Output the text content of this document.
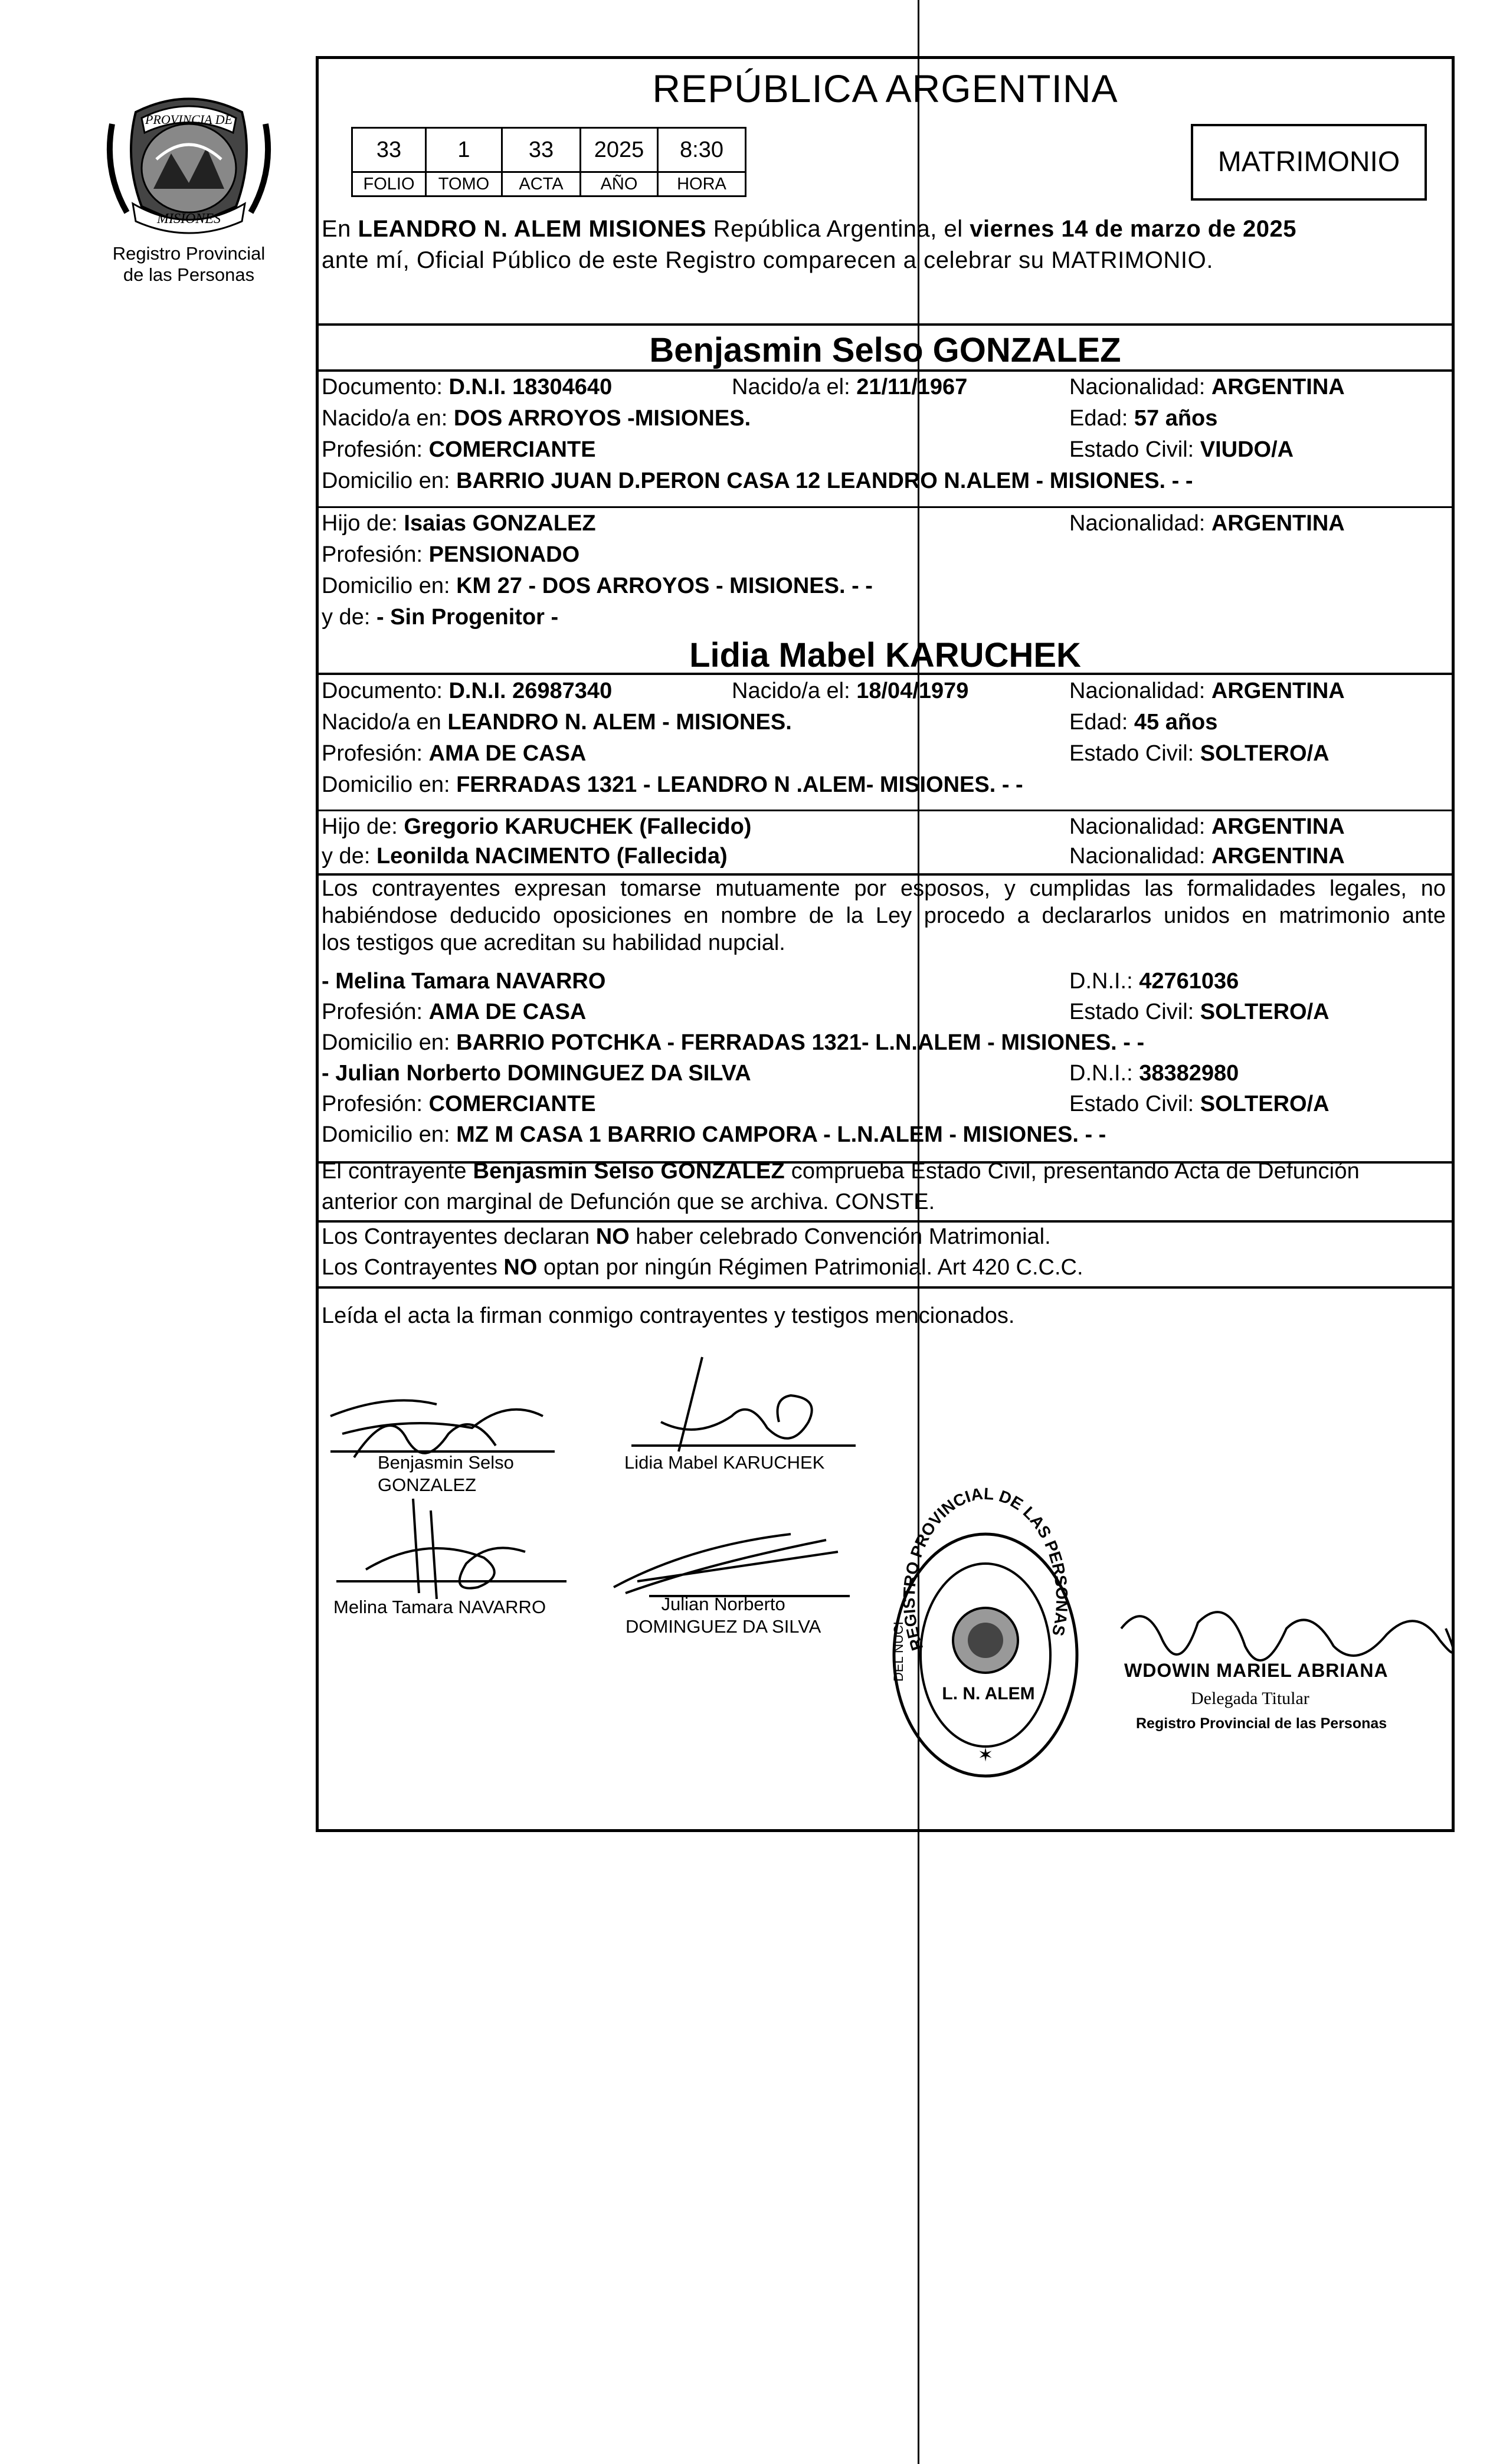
PROVINCIA DE
MISIONES
Registro Provincial
de las Personas
REPÚBLICA ARGENTINA
33	1	33	2025	8:30
FOLIO	TOMO	ACTA	AÑO	HORA
MATRIMONIO
En LEANDRO N. ALEM MISIONES República Argentina, el viernes 14 de marzo de 2025
ante mí, Oficial Público de este Registro comparecen a celebrar su MATRIMONIO.
Benjasmin Selso GONZALEZ
Documento: D.N.I. 18304640	Nacido/a el: 21/11/1967	Nacionalidad: ARGENTINA
Nacido/a en: DOS ARROYOS -MISIONES.	Edad: 57 años
Profesión: COMERCIANTE	Estado Civil: VIUDO/A
Domicilio en: BARRIO JUAN D.PERON CASA 12 LEANDRO N.ALEM - MISIONES. - -
Hijo de: Isaias GONZALEZ	Nacionalidad: ARGENTINA
Profesión: PENSIONADO
Domicilio en: KM 27 - DOS ARROYOS - MISIONES. - -
y de: - Sin Progenitor -
Lidia Mabel KARUCHEK
Documento: D.N.I. 26987340	Nacido/a el: 18/04/1979	Nacionalidad: ARGENTINA
Nacido/a en LEANDRO N. ALEM - MISIONES.	Edad: 45 años
Profesión: AMA DE CASA	Estado Civil: SOLTERO/A
Domicilio en: FERRADAS 1321 - LEANDRO N .ALEM- MISIONES. - -
Hijo de: Gregorio KARUCHEK (Fallecido)	Nacionalidad: ARGENTINA
y de: Leonilda NACIMENTO (Fallecida)	Nacionalidad: ARGENTINA
Los contrayentes expresan tomarse mutuamente por esposos, y cumplidas las formalidades legales, no
habiéndose deducido oposiciones en nombre de la Ley procedo a declararlos unidos en matrimonio ante
los testigos que acreditan su habilidad nupcial.
- Melina Tamara NAVARRO	D.N.I.: 42761036
Profesión: AMA DE CASA	Estado Civil: SOLTERO/A
Domicilio en: BARRIO POTCHKA - FERRADAS 1321- L.N.ALEM - MISIONES. - -
- Julian Norberto DOMINGUEZ DA SILVA	D.N.I.: 38382980
Profesión: COMERCIANTE	Estado Civil: SOLTERO/A
Domicilio en: MZ M CASA 1 BARRIO CAMPORA - L.N.ALEM - MISIONES. - -
El contrayente Benjasmin Selso GONZALEZ comprueba Estado Civil, presentando Acta de Defunción
anterior con marginal de Defunción que se archiva. CONSTE.
Los Contrayentes declaran NO haber celebrado Convención Matrimonial.
Los Contrayentes NO optan por ningún Régimen Patrimonial. Art 420 C.C.C.
Leída el acta la firman conmigo contrayentes y testigos mencionados.
Benjasmin Selso
GONZALEZ
Lidia Mabel KARUCHEK
Melina Tamara NAVARRO	Julian Norberto
DOMINGUEZ DA SILVA
REGISTRO PROVINCIAL DE LAS PERSONAS
L. N. ALEM
DEL NUCI
✶
WDOWIN MARIEL ABRIANA
Delegada Titular
Registro Provincial de las Personas
